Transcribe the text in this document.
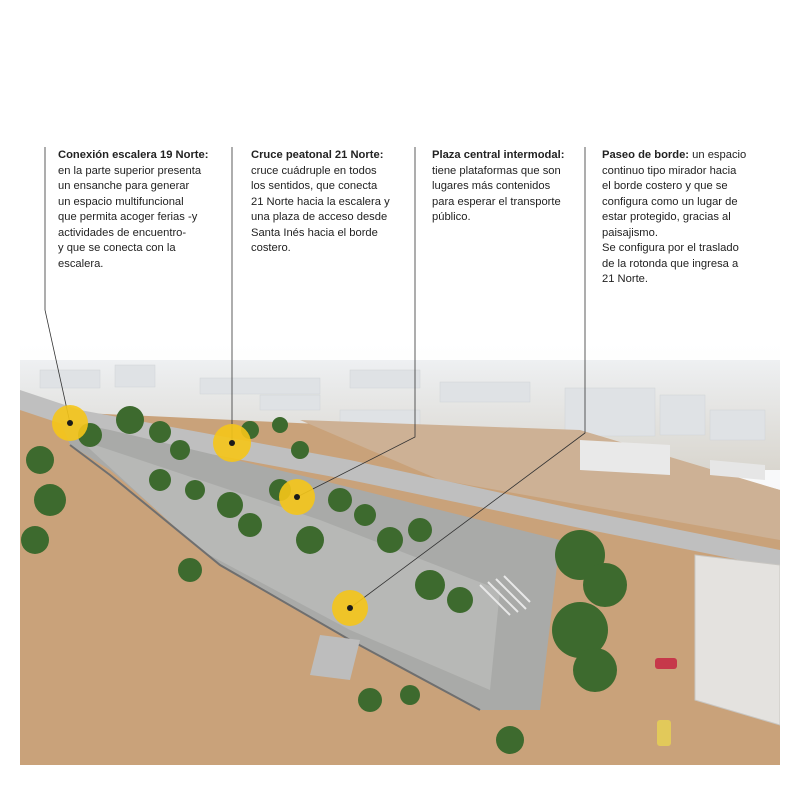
Conexión escalera 19 Norte:
en la parte superior presenta
un ensanche para generar
un espacio multifuncional
que permita acoger ferias -y
actividades de encuentro-
y que se conecta con la
escalera.
Cruce peatonal 21 Norte:
cruce cuádruple en todos
los sentidos, que conecta
21 Norte hacia la escalera y
una plaza de acceso desde
Santa Inés hacia el borde
costero.
Plaza central intermodal:
tiene plataformas que son
lugares más contenidos
para esperar el transporte
público.
Paseo de borde: un espacio
continuo tipo mirador hacia
el borde costero y que se
configura como un lugar de
estar protegido, gracias al
paisajismo.
Se configura por el traslado
de la rotonda que ingresa a
21 Norte.
